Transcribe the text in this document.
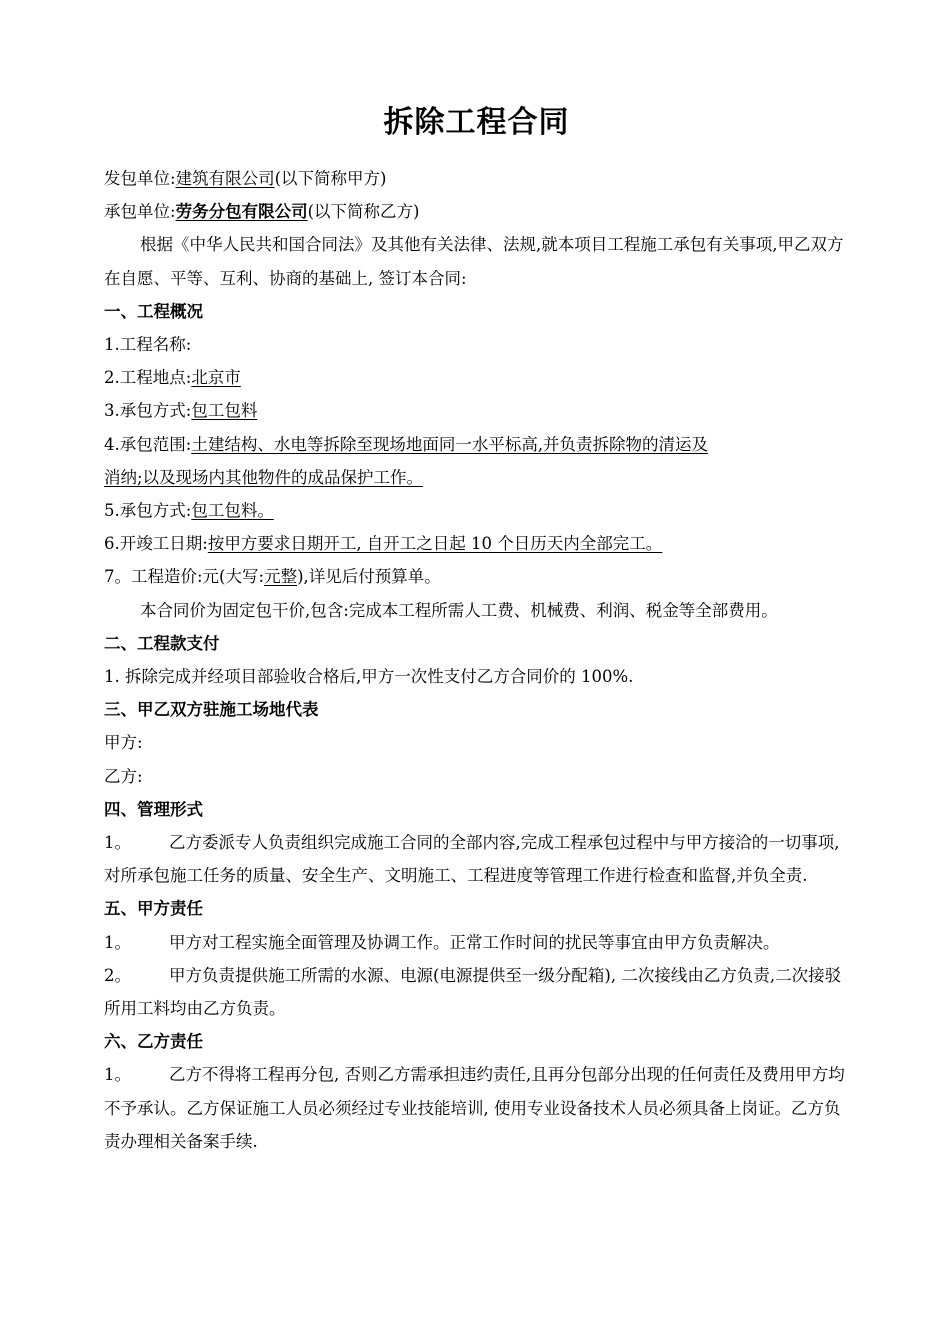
拆除工程合同
发包单位:建筑有限公司(以下简称甲方)
承包单位:劳务分包有限公司(以下简称乙方)
根据《中华人民共和国合同法》及其他有关法律、法规,就本项目工程施工承包有关事项,甲乙双方在自愿、平等、互利、协商的基础上, 签订本合同:
一、工程概况
1.工程名称:
2.工程地点:北京市
3.承包方式:包工包料
4.承包范围:土建结构、水电等拆除至现场地面同一水平标高,并负责拆除物的清运及
消纳;以及现场内其他物件的成品保护工作。
5.承包方式:包工包料。
6.开竣工日期:按甲方要求日期开工, 自开工之日起 10 个日历天内全部完工。
7。工程造价:元(大写:元整),详见后付预算单。
本合同价为固定包干价,包含:完成本工程所需人工费、机械费、利润、税金等全部费用。
二、工程款支付
1. 拆除完成并经项目部验收合格后,甲方一次性支付乙方合同价的 100%.
三、甲乙双方驻施工场地代表
甲方:
乙方:
四、管理形式
1。 乙方委派专人负责组织完成施工合同的全部内容,完成工程承包过程中与甲方接洽的一切事项, 对所承包施工任务的质量、安全生产、文明施工、工程进度等管理工作进行检查和监督,并负全责.
五、甲方责任
1。 甲方对工程实施全面管理及协调工作。正常工作时间的扰民等事宜由甲方负责解决。
2。 甲方负责提供施工所需的水源、电源(电源提供至一级分配箱), 二次接线由乙方负责,二次接驳所用工料均由乙方负责。
六、乙方责任
1。 乙方不得将工程再分包, 否则乙方需承担违约责任,且再分包部分出现的任何责任及费用甲方均不予承认。乙方保证施工人员必须经过专业技能培训, 使用专业设备技术人员必须具备上岗证。乙方负责办理相关备案手续.
